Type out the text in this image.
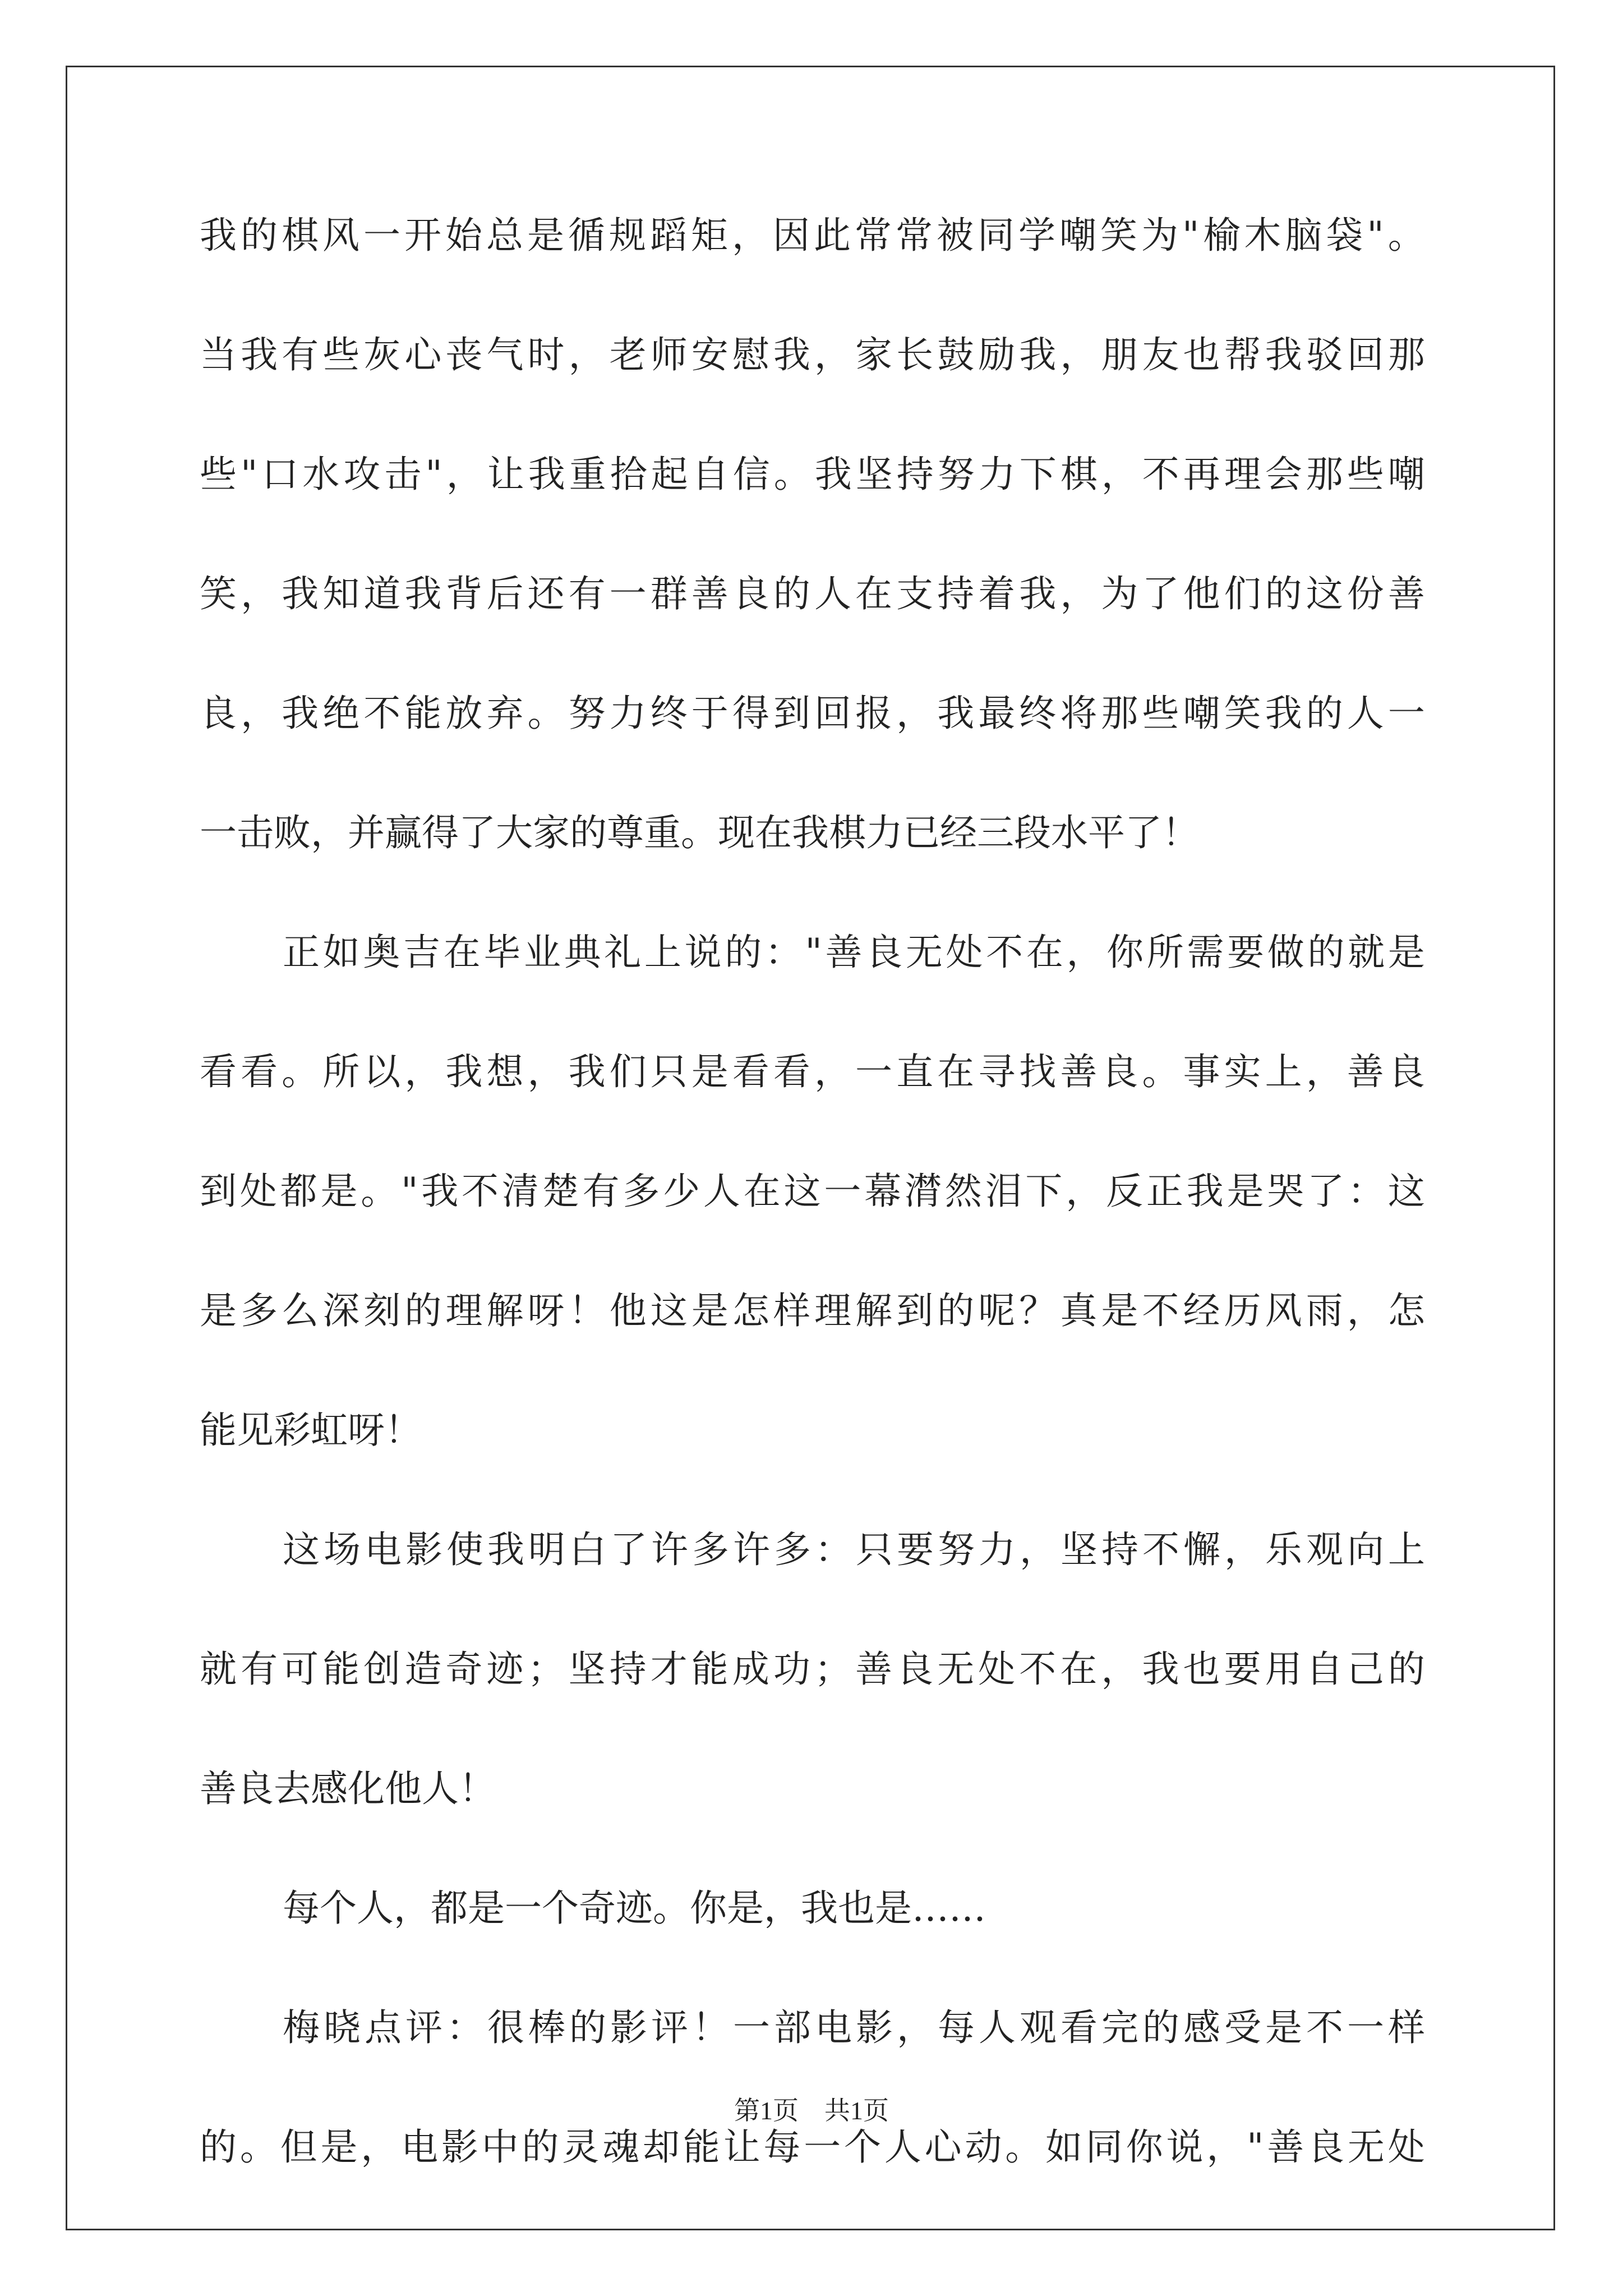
我 的 棋 风 一 开 始 总 是 循 规 蹈 矩 ， 因 此 常 常 被 同 学 嘲 笑 为 " 榆 木 脑 袋 " 。
当 我 有 些 灰 心 丧 气 时 ， 老 师 安 慰 我 ， 家 长 鼓 励 我 ， 朋 友 也 帮 我 驳 回 那
些 " 口 水 攻 击 " ， 让 我 重 拾 起 自 信 。 我 坚 持 努 力 下 棋 ， 不 再 理 会 那 些 嘲
笑 ， 我 知 道 我 背 后 还 有 一 群 善 良 的 人 在 支 持 着 我 ， 为 了 他 们 的 这 份 善
良 ， 我 绝 不 能 放 弃 。 努 力 终 于 得 到 回 报 ， 我 最 终 将 那 些 嘲 笑 我 的 人 一
一击败，并赢得了大家的尊重。现在我棋力已经三段水平了！
正 如 奥 吉 在 毕 业 典 礼 上 说 的 ： " 善 良 无 处 不 在 ， 你 所 需 要 做 的 就 是
看 看 。 所 以 ， 我 想 ， 我 们 只 是 看 看 ， 一 直 在 寻 找 善 良 。 事 实 上 ， 善 良
到 处 都 是 。 " 我 不 清 楚 有 多 少 人 在 这 一 幕 潸 然 泪 下 ， 反 正 我 是 哭 了 ： 这
是 多 么 深 刻 的 理 解 呀 ！ 他 这 是 怎 样 理 解 到 的 呢 ？ 真 是 不 经 历 风 雨 ， 怎
能见彩虹呀！
这 场 电 影 使 我 明 白 了 许 多 许 多 ： 只 要 努 力 ， 坚 持 不 懈 ， 乐 观 向 上
就 有 可 能 创 造 奇 迹 ； 坚 持 才 能 成 功 ； 善 良 无 处 不 在 ， 我 也 要 用 自 己 的
善良去感化他人！
每个人，都是一个奇迹。你是，我也是……
梅 晓 点 评 ： 很 棒 的 影 评 ！ 一 部 电 影 ， 每 人 观 看 完 的 感 受 是 不 一 样
的 。 但 是 ， 电 影 中 的 灵 魂 却 能 让 每 一 个 人 心 动 。 如 同 你 说 ， " 善 良 无 处
第1页　共1页
